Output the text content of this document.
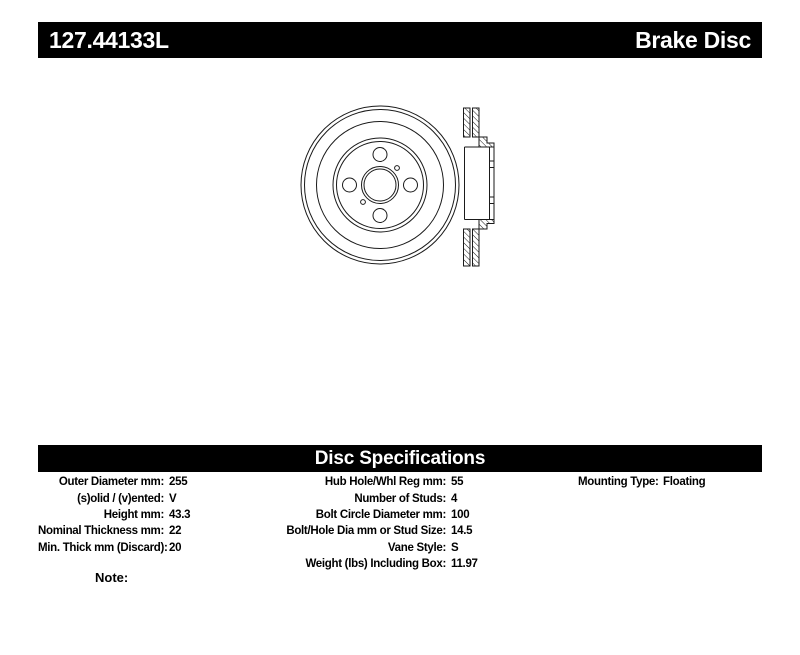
127.44133L	Brake Disc
Disc Specifications
Outer Diameter mm: 255
(s)olid / (v)ented: V
Height mm: 43.3
Nominal Thickness mm: 22
Min. Thick mm (Discard): 20
Hub Hole/Whl Reg mm: 55
Number of Studs: 4
Bolt Circle Diameter mm: 100
Bolt/Hole Dia mm or Stud Size: 14.5
Vane Style: S
Weight (lbs) Including Box: 11.97
Mounting Type: Floating
Note:
